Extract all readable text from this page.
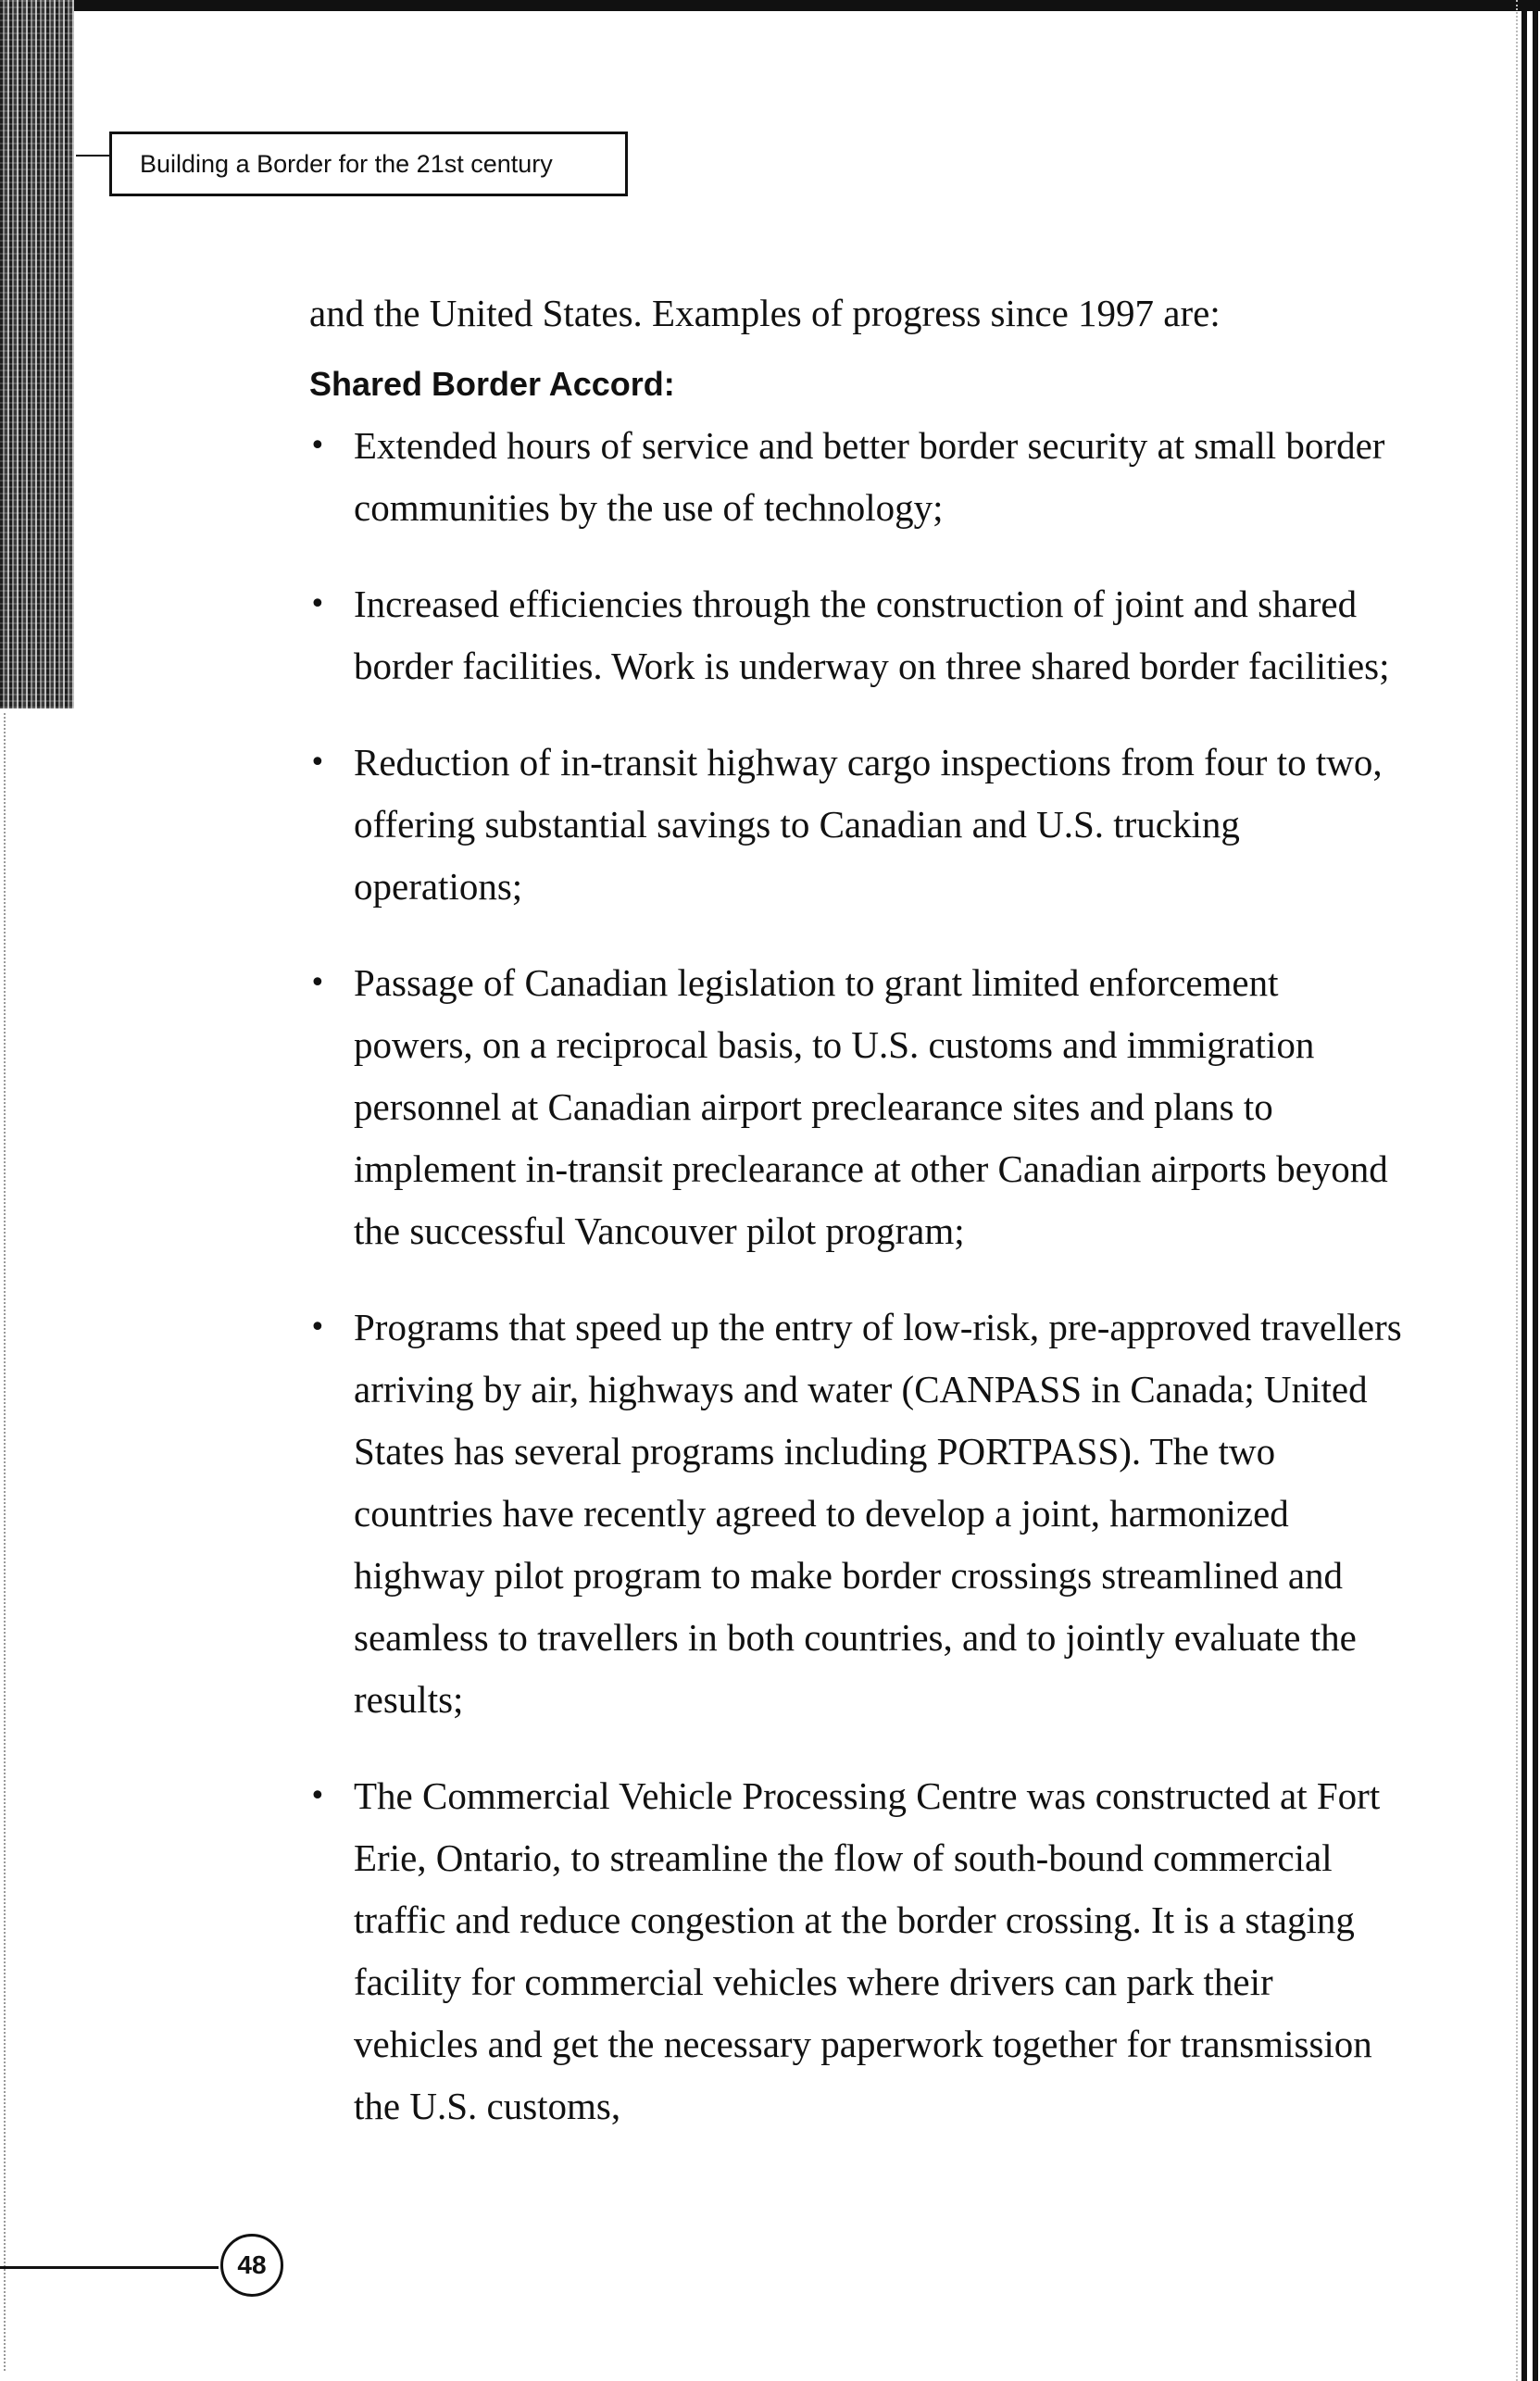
Building a Border for the 21st century

and the United States. Examples of progress since 1997 are:

Shared Border Accord:
• Extended hours of service and better border security at small border communities by the use of technology;
• Increased efficiencies through the construction of joint and shared border facilities. Work is underway on three shared border facilities;
• Reduction of in-transit highway cargo inspections from four to two, offering substantial savings to Canadian and U.S. trucking operations;
• Passage of Canadian legislation to grant limited enforcement powers, on a reciprocal basis, to U.S. customs and immigration personnel at Canadian airport preclearance sites and plans to implement in-transit preclearance at other Canadian airports beyond the successful Vancouver pilot program;
• Programs that speed up the entry of low-risk, pre-approved travellers arriving by air, highways and water (CANPASS in Canada; United States has several programs including PORTPASS). The two countries have recently agreed to develop a joint, harmonized highway pilot program to make border crossings streamlined and seamless to travellers in both countries, and to jointly evaluate the results;
• The Commercial Vehicle Processing Centre was constructed at Fort Erie, Ontario, to streamline the flow of south-bound commercial traffic and reduce congestion at the border crossing. It is a staging facility for commercial vehicles where drivers can park their vehicles and get the necessary paperwork together for transmission the U.S. customs,
48
